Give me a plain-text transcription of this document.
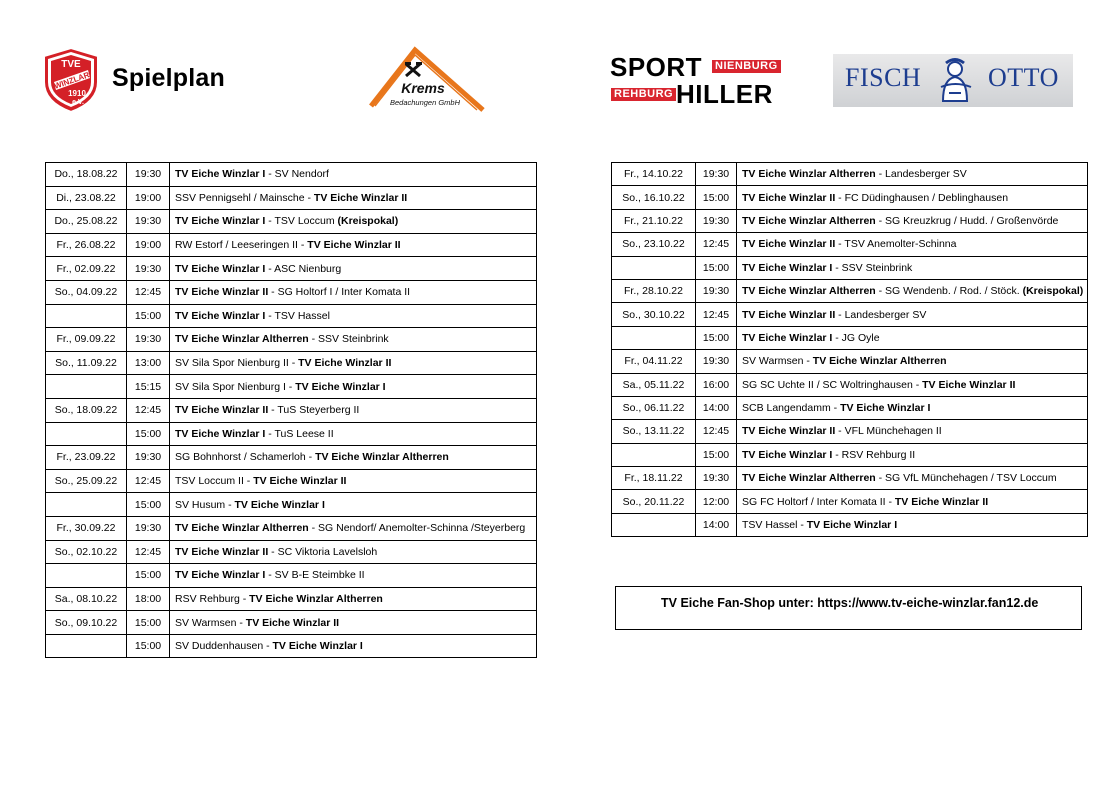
TVE
WINZLAR
1910
e.V.
Spielplan	Krems
Bedachungen GmbH
SPORT NIENBURG
REHBURG HILLER
FISCH	OTTO
Do., 18.08.22	19:30	TV Eiche Winzlar I - SV Nendorf
Di., 23.08.22	19:00	SSV Pennigsehl / Mainsche - TV Eiche Winzlar II
Do., 25.08.22	19:30	TV Eiche Winzlar I - TSV Loccum (Kreispokal)
Fr., 26.08.22	19:00	RW Estorf / Leeseringen II - TV Eiche Winzlar II
Fr., 02.09.22	19:30	TV Eiche Winzlar I - ASC Nienburg
So., 04.09.22	12:45	TV Eiche Winzlar II - SG Holtorf I / Inter Komata II
	15:00	TV Eiche Winzlar I - TSV Hassel
Fr., 09.09.22	19:30	TV Eiche Winzlar Altherren - SSV Steinbrink
So., 11.09.22	13:00	SV Sila Spor Nienburg II - TV Eiche Winzlar II
	15:15	SV Sila Spor Nienburg I - TV Eiche Winzlar I
So., 18.09.22	12:45	TV Eiche Winzlar II - TuS Steyerberg II
	15:00	TV Eiche Winzlar I - TuS Leese II
Fr., 23.09.22	19:30	SG Bohnhorst / Schamerloh - TV Eiche Winzlar Altherren
So., 25.09.22	12:45	TSV Loccum II - TV Eiche Winzlar II
	15:00	SV Husum - TV Eiche Winzlar I
Fr., 30.09.22	19:30	TV Eiche Winzlar Altherren - SG Nendorf/ Anemolter-Schinna /Steyerberg
So., 02.10.22	12:45	TV Eiche Winzlar II - SC Viktoria Lavelsloh
	15:00	TV Eiche Winzlar I - SV B-E Steimbke II
Sa., 08.10.22	18:00	RSV Rehburg - TV Eiche Winzlar Altherren
So., 09.10.22	15:00	SV Warmsen - TV Eiche Winzlar II
	15:00	SV Duddenhausen - TV Eiche Winzlar I
Fr., 14.10.22	19:30	TV Eiche Winzlar Altherren - Landesberger SV
So., 16.10.22	15:00	TV Eiche Winzlar II - FC Düdinghausen / Deblinghausen
Fr., 21.10.22	19:30	TV Eiche Winzlar Altherren - SG Kreuzkrug / Hudd. / Großenvörde
So., 23.10.22	12:45	TV Eiche Winzlar II - TSV Anemolter-Schinna
	15:00	TV Eiche Winzlar I - SSV Steinbrink
Fr., 28.10.22	19:30	TV Eiche Winzlar Altherren - SG Wendenb. / Rod. / Stöck. (Kreispokal)
So., 30.10.22	12:45	TV Eiche Winzlar II - Landesberger SV
	15:00	TV Eiche Winzlar I - JG Oyle
Fr., 04.11.22	19:30	SV Warmsen - TV Eiche Winzlar Altherren
Sa., 05.11.22	16:00	SG SC Uchte II / SC Woltringhausen - TV Eiche Winzlar II
So., 06.11.22	14:00	SCB Langendamm - TV Eiche Winzlar I
So., 13.11.22	12:45	TV Eiche Winzlar II - VFL Münchehagen II
	15:00	TV Eiche Winzlar I - RSV Rehburg II
Fr., 18.11.22	19:30	TV Eiche Winzlar Altherren - SG VfL Münchehagen / TSV Loccum
So., 20.11.22	12:00	SG FC Holtorf / Inter Komata II - TV Eiche Winzlar II
	14:00	TSV Hassel - TV Eiche Winzlar I
TV Eiche Fan-Shop unter: https://www.tv-eiche-winzlar.fan12.de
